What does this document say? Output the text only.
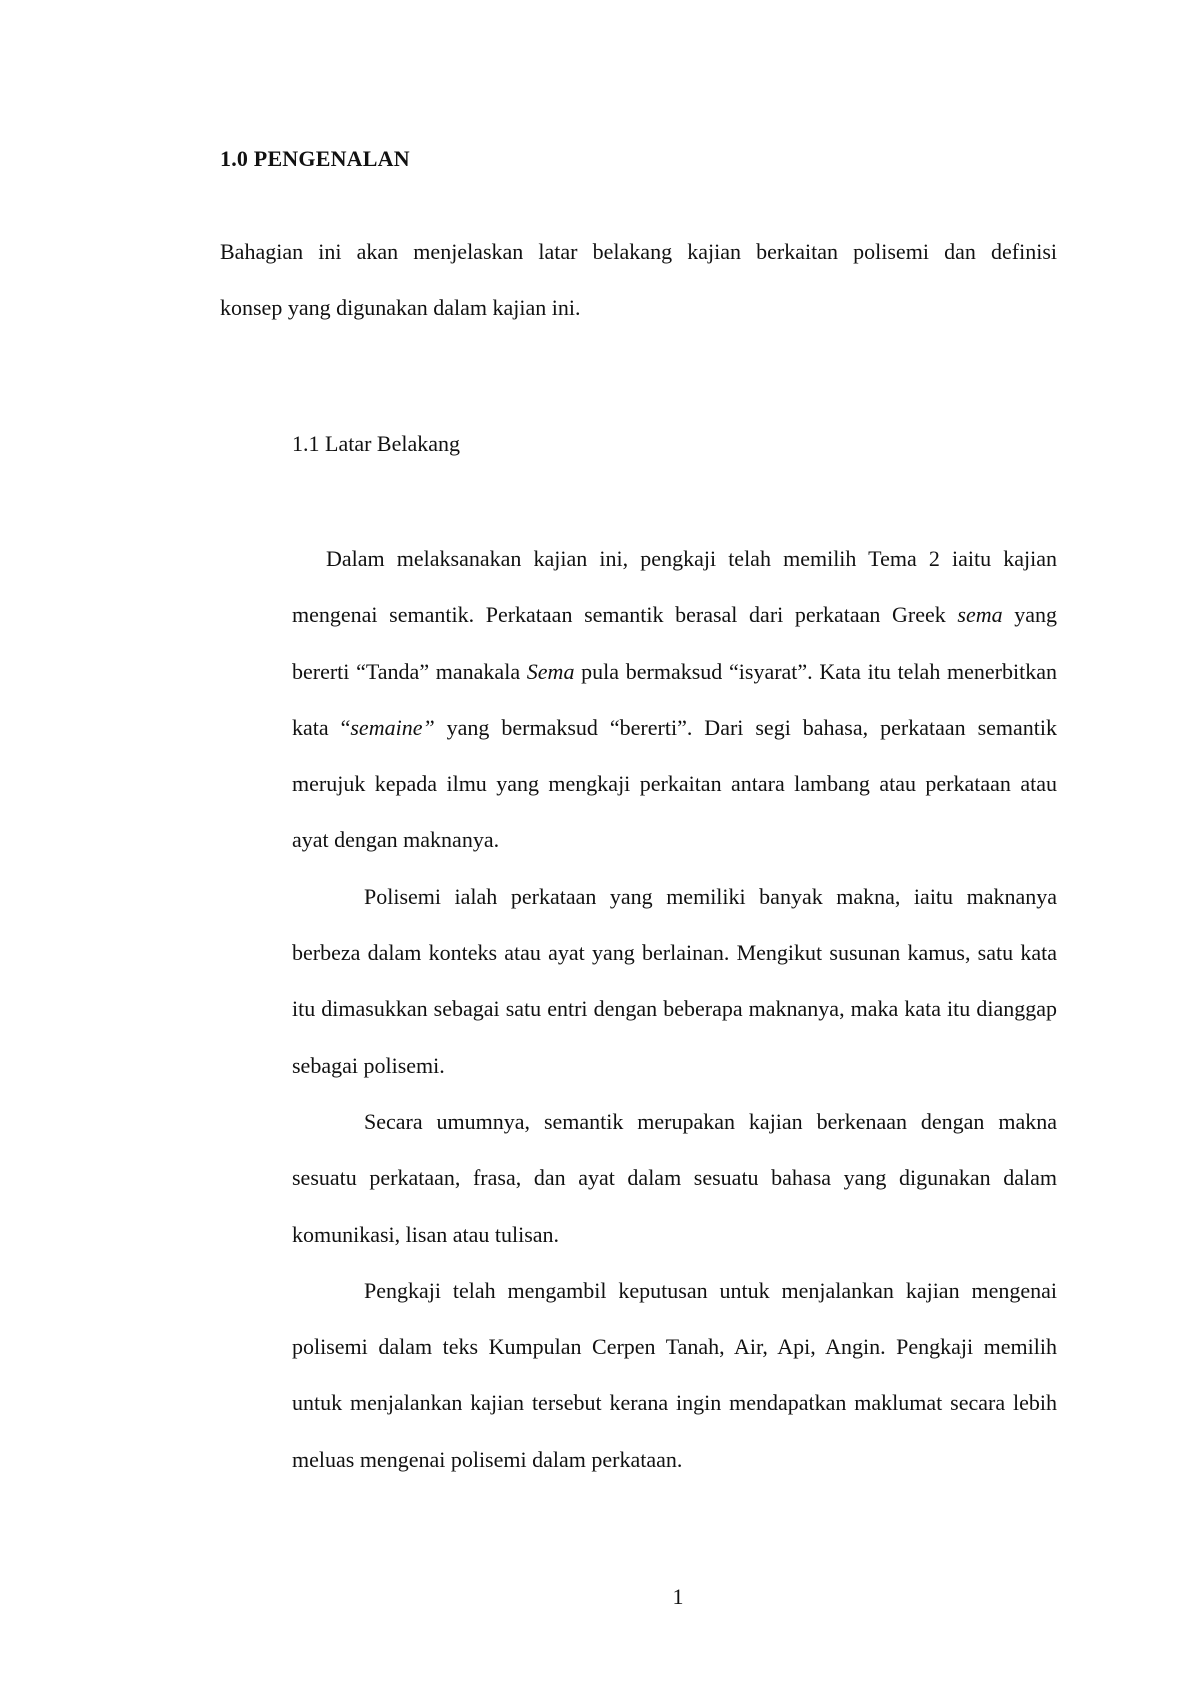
1.0 PENGENALAN

Bahagian ini akan menjelaskan latar belakang kajian berkaitan polisemi dan definisi
konsep yang digunakan dalam kajian ini.

1.1 Latar Belakang

Dalam melaksanakan kajian ini, pengkaji telah memilih Tema 2 iaitu kajian mengenai semantik. Perkataan semantik berasal dari perkataan Greek sema yang bererti “Tanda” manakala Sema pula bermaksud “isyarat”. Kata itu telah menerbitkan kata “semaine” yang bermaksud “bererti”. Dari segi bahasa, perkataan semantik merujuk kepada ilmu yang mengkaji perkaitan antara lambang atau perkataan atau ayat dengan maknanya.

Polisemi ialah perkataan yang memiliki banyak makna, iaitu maknanya berbeza dalam konteks atau ayat yang berlainan. Mengikut susunan kamus, satu kata itu dimasukkan sebagai satu entri dengan beberapa maknanya, maka kata itu dianggap sebagai polisemi.

Secara umumnya, semantik merupakan kajian berkenaan dengan makna sesuatu perkataan, frasa, dan ayat dalam sesuatu bahasa yang digunakan dalam komunikasi, lisan atau tulisan.

Pengkaji telah mengambil keputusan untuk menjalankan kajian mengenai polisemi dalam teks Kumpulan Cerpen Tanah, Air, Api, Angin. Pengkaji memilih untuk menjalankan kajian tersebut kerana ingin mendapatkan maklumat secara lebih meluas mengenai polisemi dalam perkataan.

1
